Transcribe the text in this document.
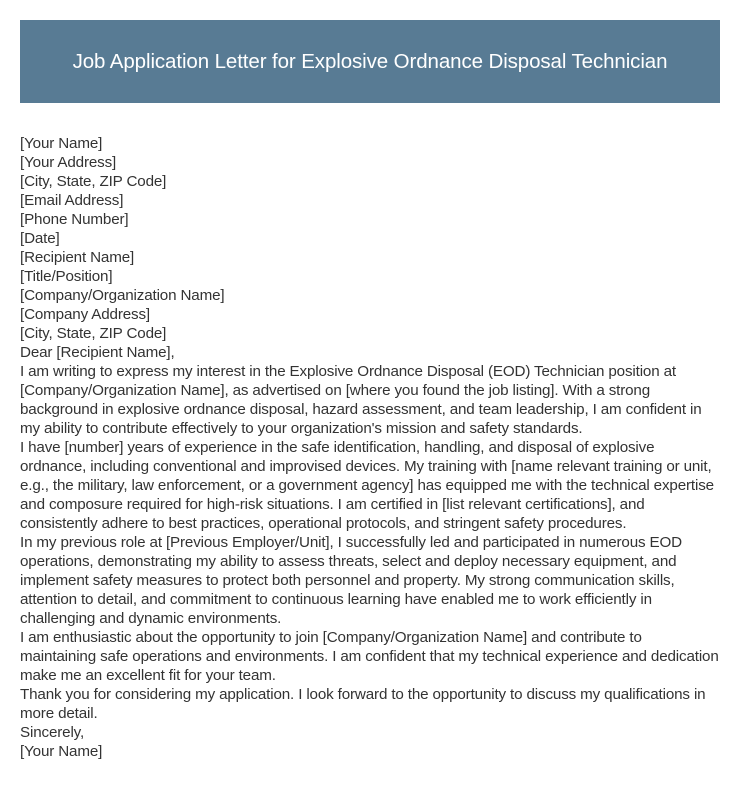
Job Application Letter for Explosive Ordnance Disposal Technician
[Your Name]
[Your Address]
[City, State, ZIP Code]
[Email Address]
[Phone Number]
[Date]
[Recipient Name]
[Title/Position]
[Company/Organization Name]
[Company Address]
[City, State, ZIP Code]
Dear [Recipient Name],

I am writing to express my interest in the Explosive Ordnance Disposal (EOD) Technician position at [Company/Organization Name], as advertised on [where you found the job listing]. With a strong background in explosive ordnance disposal, hazard assessment, and team leadership, I am confident in my ability to contribute effectively to your organization's mission and safety standards.

I have [number] years of experience in the safe identification, handling, and disposal of explosive ordnance, including conventional and improvised devices. My training with [name relevant training or unit, e.g., the military, law enforcement, or a government agency] has equipped me with the technical expertise and composure required for high-risk situations. I am certified in [list relevant certifications], and consistently adhere to best practices, operational protocols, and stringent safety procedures.

In my previous role at [Previous Employer/Unit], I successfully led and participated in numerous EOD operations, demonstrating my ability to assess threats, select and deploy necessary equipment, and implement safety measures to protect both personnel and property. My strong communication skills, attention to detail, and commitment to continuous learning have enabled me to work efficiently in challenging and dynamic environments.

I am enthusiastic about the opportunity to join [Company/Organization Name] and contribute to maintaining safe operations and environments. I am confident that my technical experience and dedication make me an excellent fit for your team.

Thank you for considering my application. I look forward to the opportunity to discuss my qualifications in more detail.

Sincerely,
[Your Name]
